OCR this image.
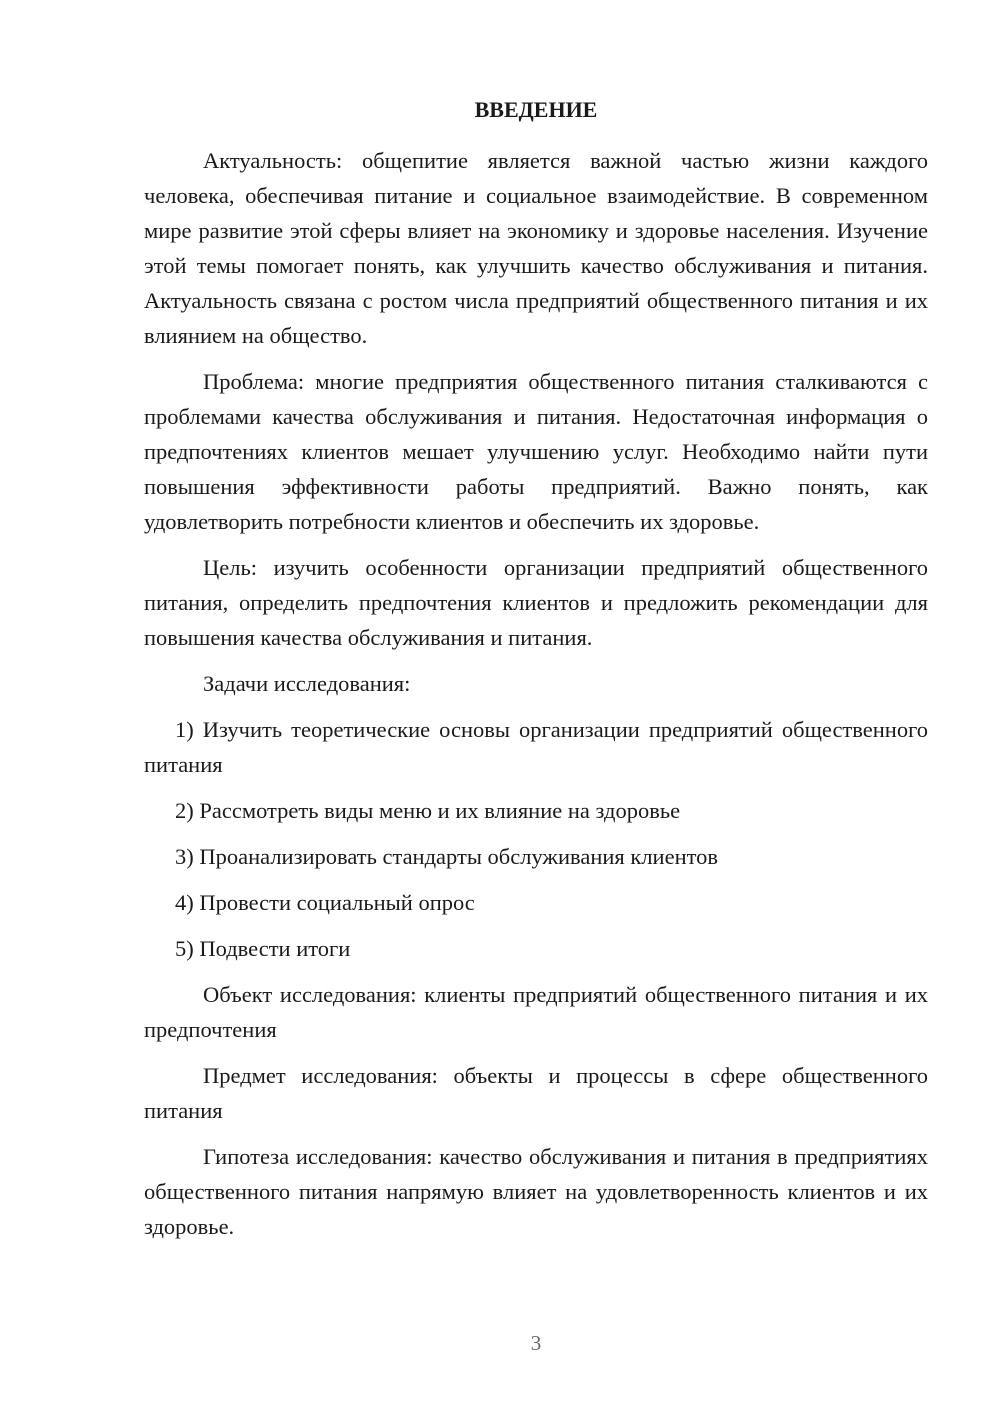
ВВЕДЕНИЕ

Актуальность: общепитие является важной частью жизни каждого человека, обеспечивая питание и социальное взаимодействие. В современном мире развитие этой сферы влияет на экономику и здоровье населения. Изучение этой темы помогает понять, как улучшить качество обслуживания и питания. Актуальность связана с ростом числа предприятий общественного питания и их влиянием на общество.

Проблема: многие предприятия общественного питания сталкиваются с проблемами качества обслуживания и питания. Недостаточная информация о предпочтениях клиентов мешает улучшению услуг. Необходимо найти пути повышения эффективности работы предприятий. Важно понять, как удовлетворить потребности клиентов и обеспечить их здоровье.

Цель: изучить особенности организации предприятий общественного питания, определить предпочтения клиентов и предложить рекомендации для повышения качества обслуживания и питания.

Задачи исследования:

1) Изучить теоретические основы организации предприятий общественного питания

2) Рассмотреть виды меню и их влияние на здоровье

3) Проанализировать стандарты обслуживания клиентов

4) Провести социальный опрос

5) Подвести итоги

Объект исследования: клиенты предприятий общественного питания и их предпочтения

Предмет исследования: объекты и процессы в сфере общественного питания

Гипотеза исследования: качество обслуживания и питания в предприятиях общественного питания напрямую влияет на удовлетворенность клиентов и их здоровье.

3
